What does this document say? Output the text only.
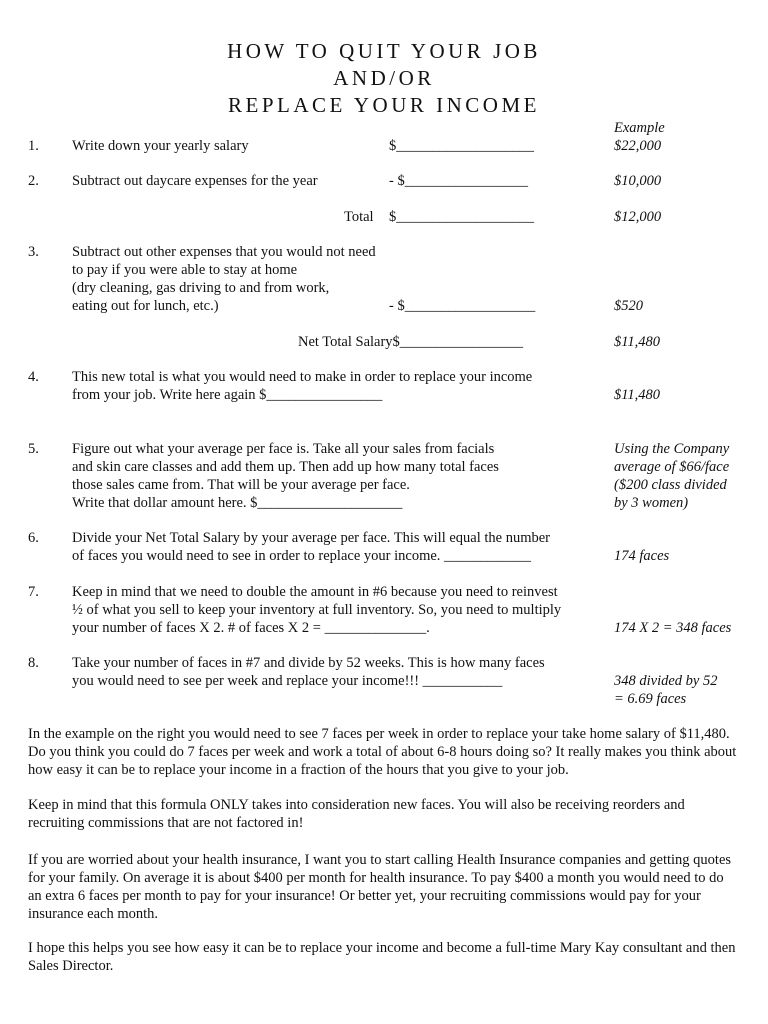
HOW TO QUIT YOUR JOB
AND/OR
REPLACE YOUR INCOME
Example
1. Write down your yearly salary	$___________________	$22,000
2. Subtract out daycare expenses for the year	- $_________________	$10,000
Total $___________________	$12,000
3. Subtract out other expenses that you would not need
to pay if you were able to stay at home
(dry cleaning, gas driving to and from work,
eating out for lunch, etc.)	- $__________________	$520
Net Total Salary$_________________	$11,480
4. This new total is what you would need to make in order to replace your income
from your job. Write here again $________________	$11,480
5. Figure out what your average per face is. Take all your sales from facials
and skin care classes and add them up. Then add up how many total faces
those sales came from. That will be your average per face.
Write that dollar amount here. $____________________
Using the Company
average of $66/face
($200 class divided
by 3 women)
6. Divide your Net Total Salary by your average per face. This will equal the number
of faces you would need to see in order to replace your income. ____________	174 faces
7. Keep in mind that we need to double the amount in #6 because you need to reinvest
½ of what you sell to keep your inventory at full inventory. So, you need to multiply
your number of faces X 2. # of faces X 2 = ______________.	174 X 2 = 348 faces
8. Take your number of faces in #7 and divide by 52 weeks. This is how many faces
you would need to see per week and replace your income!!! ___________	348 divided by 52
= 6.69 faces
In the example on the right you would need to see 7 faces per week in order to replace your take home salary of $11,480. Do you think you could do 7 faces per week and work a total of about 6-8 hours doing so? It really makes you think about how easy it can be to replace your income in a fraction of the hours that you give to your job.
Keep in mind that this formula ONLY takes into consideration new faces. You will also be receiving reorders and recruiting commissions that are not factored in!
If you are worried about your health insurance, I want you to start calling Health Insurance companies and getting quotes for your family. On average it is about $400 per month for health insurance. To pay $400 a month you would need to do an extra 6 faces per month to pay for your insurance! Or better yet, your recruiting commissions would pay for your insurance each month.
I hope this helps you see how easy it can be to replace your income and become a full-time Mary Kay consultant and then Sales Director.
